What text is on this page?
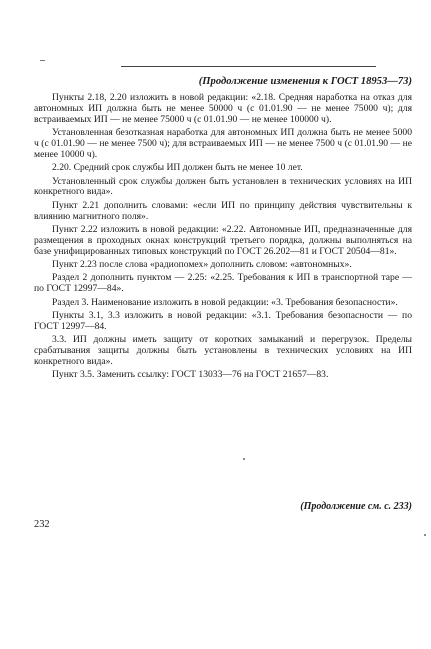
(Продолжение изменения к ГОСТ 18953—73)

Пункты 2.18, 2.20 изложить в новой редакции: «2.18. Средняя наработка на отказ для автономных ИП должна быть не менее 50000 ч (с 01.01.90 — не менее 75000 ч); для встраиваемых ИП — не менее 75000 ч (с 01.01.90 — не менее 100000 ч).

Установленная безотказная наработка для автономных ИП должна быть не менее 5000 ч (с 01.01.90 — не менее 7500 ч); для встраиваемых ИП — не менее 7500 ч (с 01.01.90 — не менее 10000 ч).

2.20. Средний срок службы ИП должен быть не менее 10 лет.

Установленный срок службы должен быть установлен в технических условиях на ИП конкретного вида».

Пункт 2.21 дополнить словами: «если ИП по принципу действия чувствительны к влиянию магнитного поля».

Пункт 2.22 изложить в новой редакции: «2.22. Автономные ИП, предназначенные для размещения в проходных окнах конструкций третьего порядка, должны выполняться на базе унифицированных типовых конструкций по ГОСТ 26.202—81 и ГОСТ 20504—81».

Пункт 2.23 после слова «радиопомех» дополнить словом: «автономных».

Раздел 2 дополнить пунктом — 2.25: «2.25. Требования к ИП в транспортной таре — по ГОСТ 12997—84».

Раздел 3. Наименование изложить в новой редакции: «3. Требования безопасности».

Пункты 3.1, 3.3 изложить в новой редакции: «3.1. Требования безопасности — по ГОСТ 12997—84.

3.3. ИП должны иметь защиту от коротких замыканий и перегрузок. Пределы срабатывания защиты должны быть установлены в технических условиях на ИП конкретного вида».

Пункт 3.5. Заменить ссылку: ГОСТ 13033—76 на ГОСТ 21657—83.

(Продолжение см. с. 233)
232
